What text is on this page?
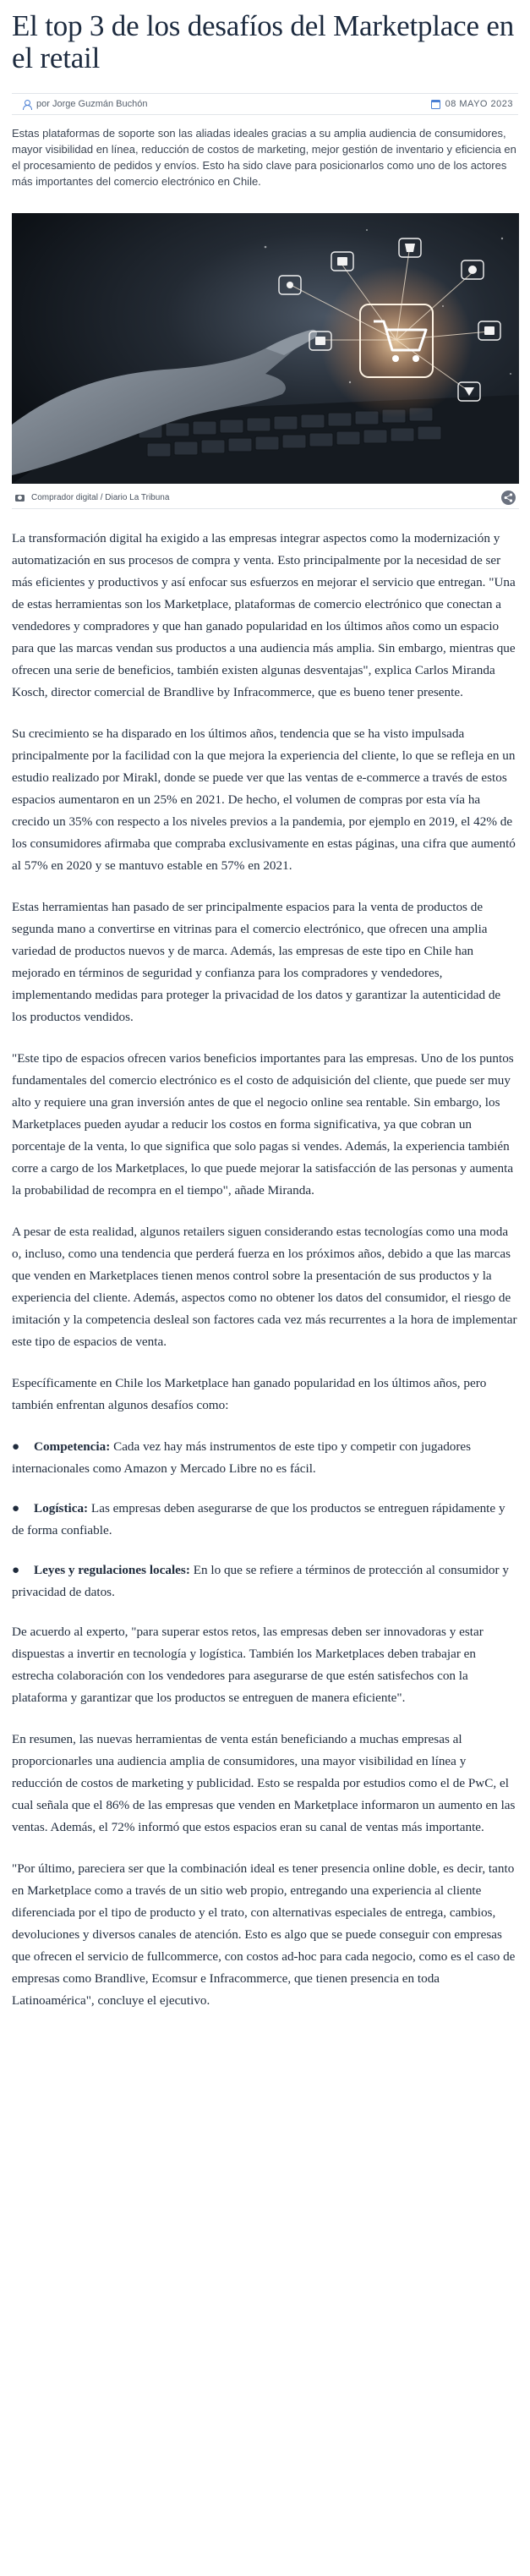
El top 3 de los desafíos del Marketplace en el retail
por Jorge Guzmán Buchón	08 MAYO 2023

Estas plataformas de soporte son las aliadas ideales gracias a su amplia audiencia de consumidores, mayor visibilidad en línea, reducción de costos de marketing, mejor gestión de inventario y eficiencia en el procesamiento de pedidos y envíos. Esto ha sido clave para posicionarlos como uno de los actores más importantes del comercio electrónico en Chile.

Comprador digital / Diario La Tribuna

La transformación digital ha exigido a las empresas integrar aspectos como la modernización y automatización en sus procesos de compra y venta. Esto principalmente por la necesidad de ser más eficientes y productivos y así enfocar sus esfuerzos en mejorar el servicio que entregan. "Una de estas herramientas son los Marketplace, plataformas de comercio electrónico que conectan a vendedores y compradores y que han ganado popularidad en los últimos años como un espacio para que las marcas vendan sus productos a una audiencia más amplia. Sin embargo, mientras que ofrecen una serie de beneficios, también existen algunas desventajas", explica Carlos Miranda Kosch, director comercial de Brandlive by Infracommerce, que es bueno tener presente.

Su crecimiento se ha disparado en los últimos años, tendencia que se ha visto impulsada principalmente por la facilidad con la que mejora la experiencia del cliente, lo que se refleja en un estudio realizado por Mirakl, donde se puede ver que las ventas de e-commerce a través de estos espacios aumentaron en un 25% en 2021. De hecho, el volumen de compras por esta vía ha crecido un 35% con respecto a los niveles previos a la pandemia, por ejemplo en 2019, el 42% de los consumidores afirmaba que compraba exclusivamente en estas páginas, una cifra que aumentó al 57% en 2020 y se mantuvo estable en 57% en 2021.

Estas herramientas han pasado de ser principalmente espacios para la venta de productos de segunda mano a convertirse en vitrinas para el comercio electrónico, que ofrecen una amplia variedad de productos nuevos y de marca. Además, las empresas de este tipo en Chile han mejorado en términos de seguridad y confianza para los compradores y vendedores, implementando medidas para proteger la privacidad de los datos y garantizar la autenticidad de los productos vendidos.

"Este tipo de espacios ofrecen varios beneficios importantes para las empresas. Uno de los puntos fundamentales del comercio electrónico es el costo de adquisición del cliente, que puede ser muy alto y requiere una gran inversión antes de que el negocio online sea rentable. Sin embargo, los Marketplaces pueden ayudar a reducir los costos en forma significativa, ya que cobran un porcentaje de la venta, lo que significa que solo pagas si vendes. Además, la experiencia también corre a cargo de los Marketplaces, lo que puede mejorar la satisfacción de las personas y aumenta la probabilidad de recompra en el tiempo", añade Miranda.

A pesar de esta realidad, algunos retailers siguen considerando estas tecnologías como una moda o, incluso, como una tendencia que perderá fuerza en los próximos años, debido a que las marcas que venden en Marketplaces tienen menos control sobre la presentación de sus productos y la experiencia del cliente. Además, aspectos como no obtener los datos del consumidor, el riesgo de imitación y la competencia desleal son factores cada vez más recurrentes a la hora de implementar este tipo de espacios de venta.

Específicamente en Chile los Marketplace han ganado popularidad en los últimos años, pero también enfrentan algunos desafíos como:

● Competencia: Cada vez hay más instrumentos de este tipo y competir con jugadores internacionales como Amazon y Mercado Libre no es fácil.

● Logística: Las empresas deben asegurarse de que los productos se entreguen rápidamente y de forma confiable.

● Leyes y regulaciones locales: En lo que se refiere a términos de protección al consumidor y privacidad de datos.

De acuerdo al experto, "para superar estos retos, las empresas deben ser innovadoras y estar dispuestas a invertir en tecnología y logística. También los Marketplaces deben trabajar en estrecha colaboración con los vendedores para asegurarse de que estén satisfechos con la plataforma y garantizar que los productos se entreguen de manera eficiente".

En resumen, las nuevas herramientas de venta están beneficiando a muchas empresas al proporcionarles una audiencia amplia de consumidores, una mayor visibilidad en línea y reducción de costos de marketing y publicidad. Esto se respalda por estudios como el de PwC, el cual señala que el 86% de las empresas que venden en Marketplace informaron un aumento en las ventas. Además, el 72% informó que estos espacios eran su canal de ventas más importante.

"Por último, pareciera ser que la combinación ideal es tener presencia online doble, es decir, tanto en Marketplace como a través de un sitio web propio, entregando una experiencia al cliente diferenciada por el tipo de producto y el trato, con alternativas especiales de entrega, cambios, devoluciones y diversos canales de atención. Esto es algo que se puede conseguir con empresas que ofrecen el servicio de fullcommerce, con costos ad-hoc para cada negocio, como es el caso de empresas como Brandlive, Ecomsur e Infracommerce, que tienen presencia en toda Latinoamérica", concluye el ejecutivo.
